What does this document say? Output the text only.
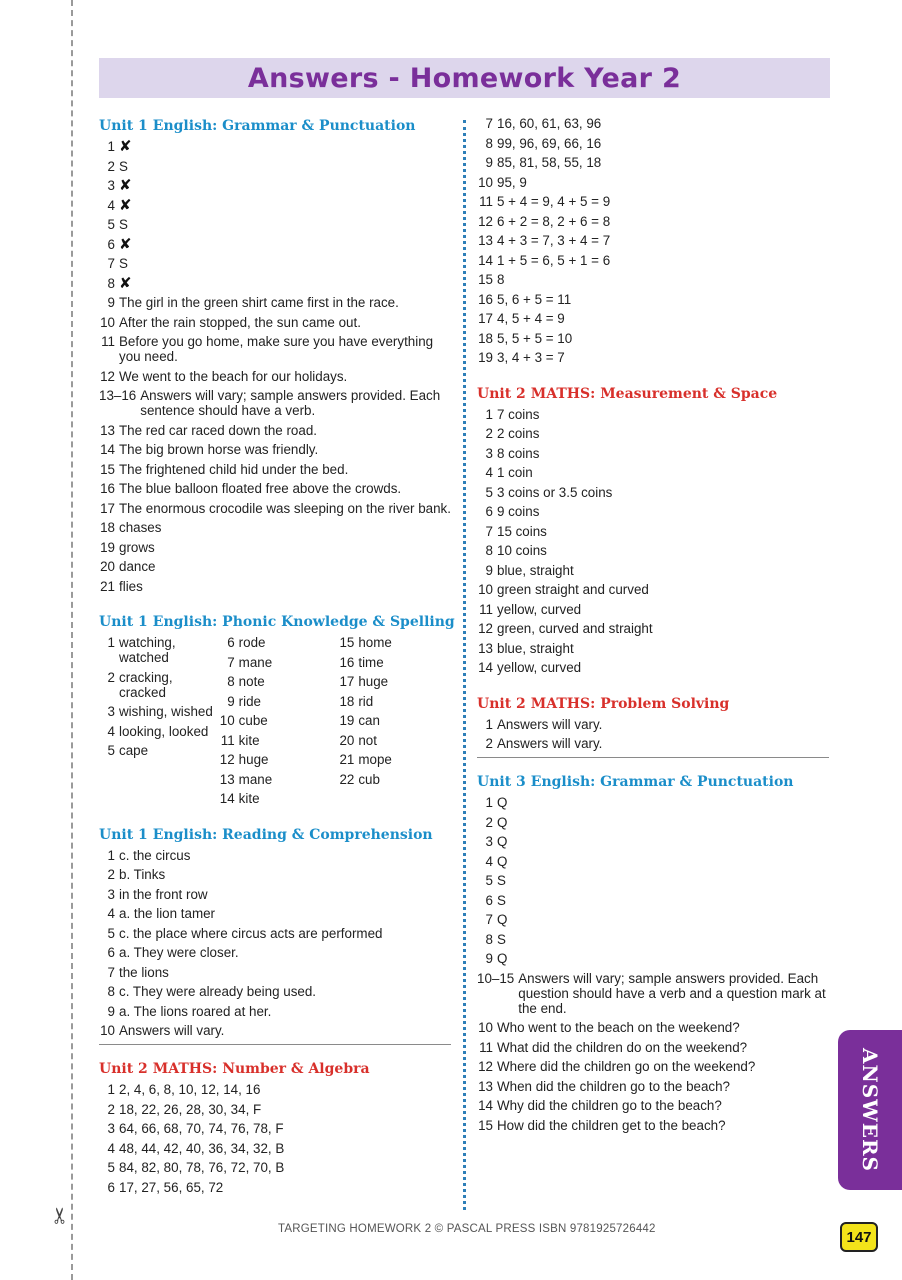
✂
Answers - Homework Year 2
Unit 1 English: Grammar & Punctuation
1 ✘
2 S
3 ✘
4 ✘
5 S
6 ✘
7 S
8 ✘
9 The girl in the green shirt came first in the race.
10 After the rain stopped, the sun came out.
11 Before you go home, make sure you have everything you need.
12 We went to the beach for our holidays.
13–16 Answers will vary; sample answers provided. Each sentence should have a verb.
13 The red car raced down the road.
14 The big brown horse was friendly.
15 The frightened child hid under the bed.
16 The blue balloon floated free above the crowds.
17 The enormous crocodile was sleeping on the river bank.
18 chases
19 grows
20 dance
21 flies
Unit 1 English: Phonic Knowledge & Spelling
1 watching, watched
2 cracking, cracked
3 wishing, wished
4 looking, looked
5 cape
6 rode
7 mane
8 note
9 ride
10 cube
11 kite
12 huge
13 mane
14 kite
15 home
16 time
17 huge
18 rid
19 can
20 not
21 mope
22 cub
Unit 1 English: Reading & Comprehension
1 c. the circus
2 b. Tinks
3 in the front row
4 a. the lion tamer
5 c. the place where circus acts are performed
6 a. They were closer.
7 the lions
8 c. They were already being used.
9 a. The lions roared at her.
10 Answers will vary.
Unit 2 MATHS: Number & Algebra
1 2, 4, 6, 8, 10, 12, 14, 16
2 18, 22, 26, 28, 30, 34, F
3 64, 66, 68, 70, 74, 76, 78, F
4 48, 44, 42, 40, 36, 34, 32, B
5 84, 82, 80, 78, 76, 72, 70, B
6 17, 27, 56, 65, 72
7 16, 60, 61, 63, 96
8 99, 96, 69, 66, 16
9 85, 81, 58, 55, 18
10 95, 9
11 5 + 4 = 9, 4 + 5 = 9
12 6 + 2 = 8, 2 + 6 = 8
13 4 + 3 = 7, 3 + 4 = 7
14 1 + 5 = 6, 5 + 1 = 6
15 8
16 5, 6 + 5 = 11
17 4, 5 + 4 = 9
18 5, 5 + 5 = 10
19 3, 4 + 3 = 7
Unit 2 MATHS: Measurement & Space
1 7 coins
2 2 coins
3 8 coins
4 1 coin
5 3 coins or 3.5 coins
6 9 coins
7 15 coins
8 10 coins
9 blue, straight
10 green straight and curved
11 yellow, curved
12 green, curved and straight
13 blue, straight
14 yellow, curved
Unit 2 MATHS: Problem Solving
1 Answers will vary.
2 Answers will vary.
Unit 3 English: Grammar & Punctuation
1 Q
2 Q
3 Q
4 Q
5 S
6 S
7 Q
8 S
9 Q
10–15 Answers will vary; sample answers provided. Each question should have a verb and a question mark at the end.
10 Who went to the beach on the weekend?
11 What did the children do on the weekend?
12 Where did the children go on the weekend?
13 When did the children go to the beach?
14 Why did the children go to the beach?
15 How did the children get to the beach?	ANSWERS
TARGETING HOMEWORK 2 © PASCAL PRESS ISBN 9781925726442	147
